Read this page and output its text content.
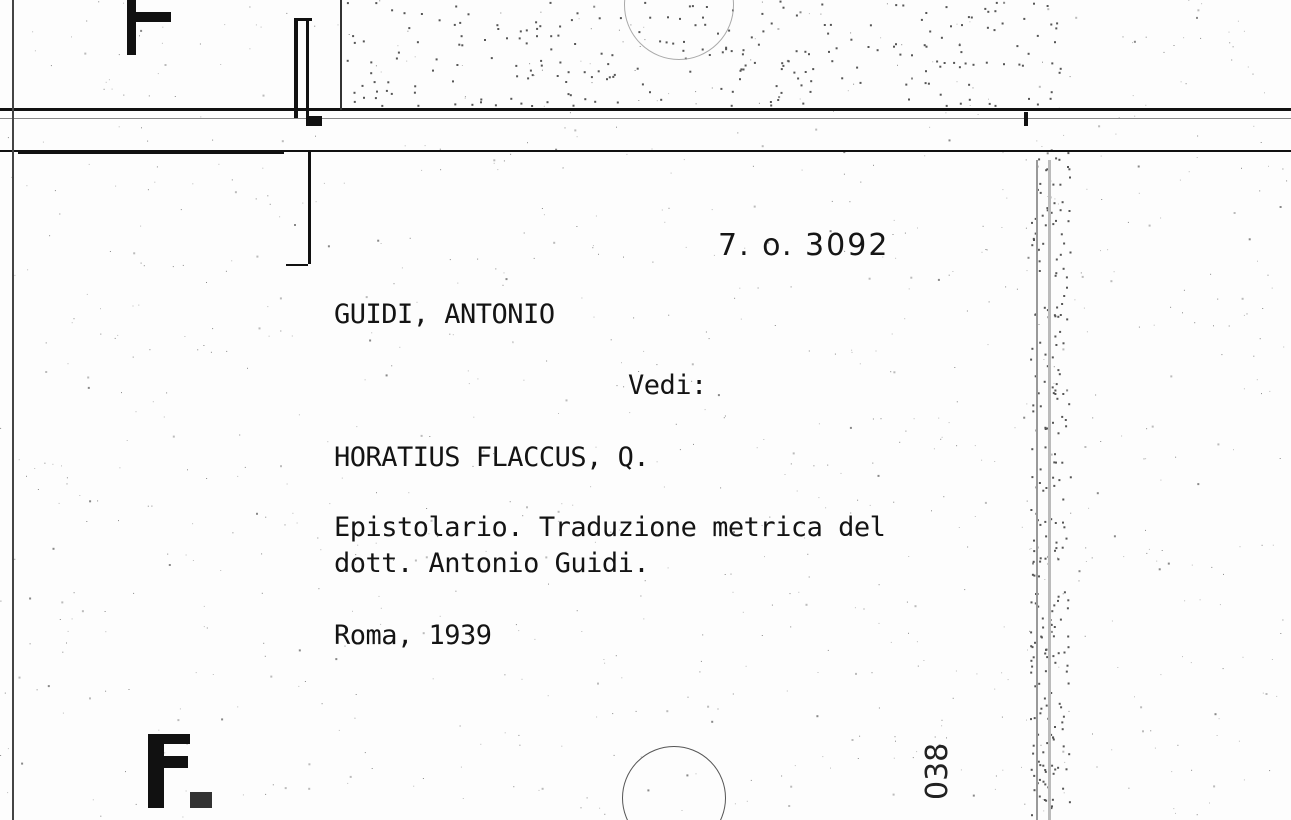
7. o. 3092
GUIDI, ANTONIO
Vedi:
HORATIUS FLACCUS, Q.
Epistolario. Traduzione metrica del
dott. Antonio Guidi.
Roma, 1939
038
